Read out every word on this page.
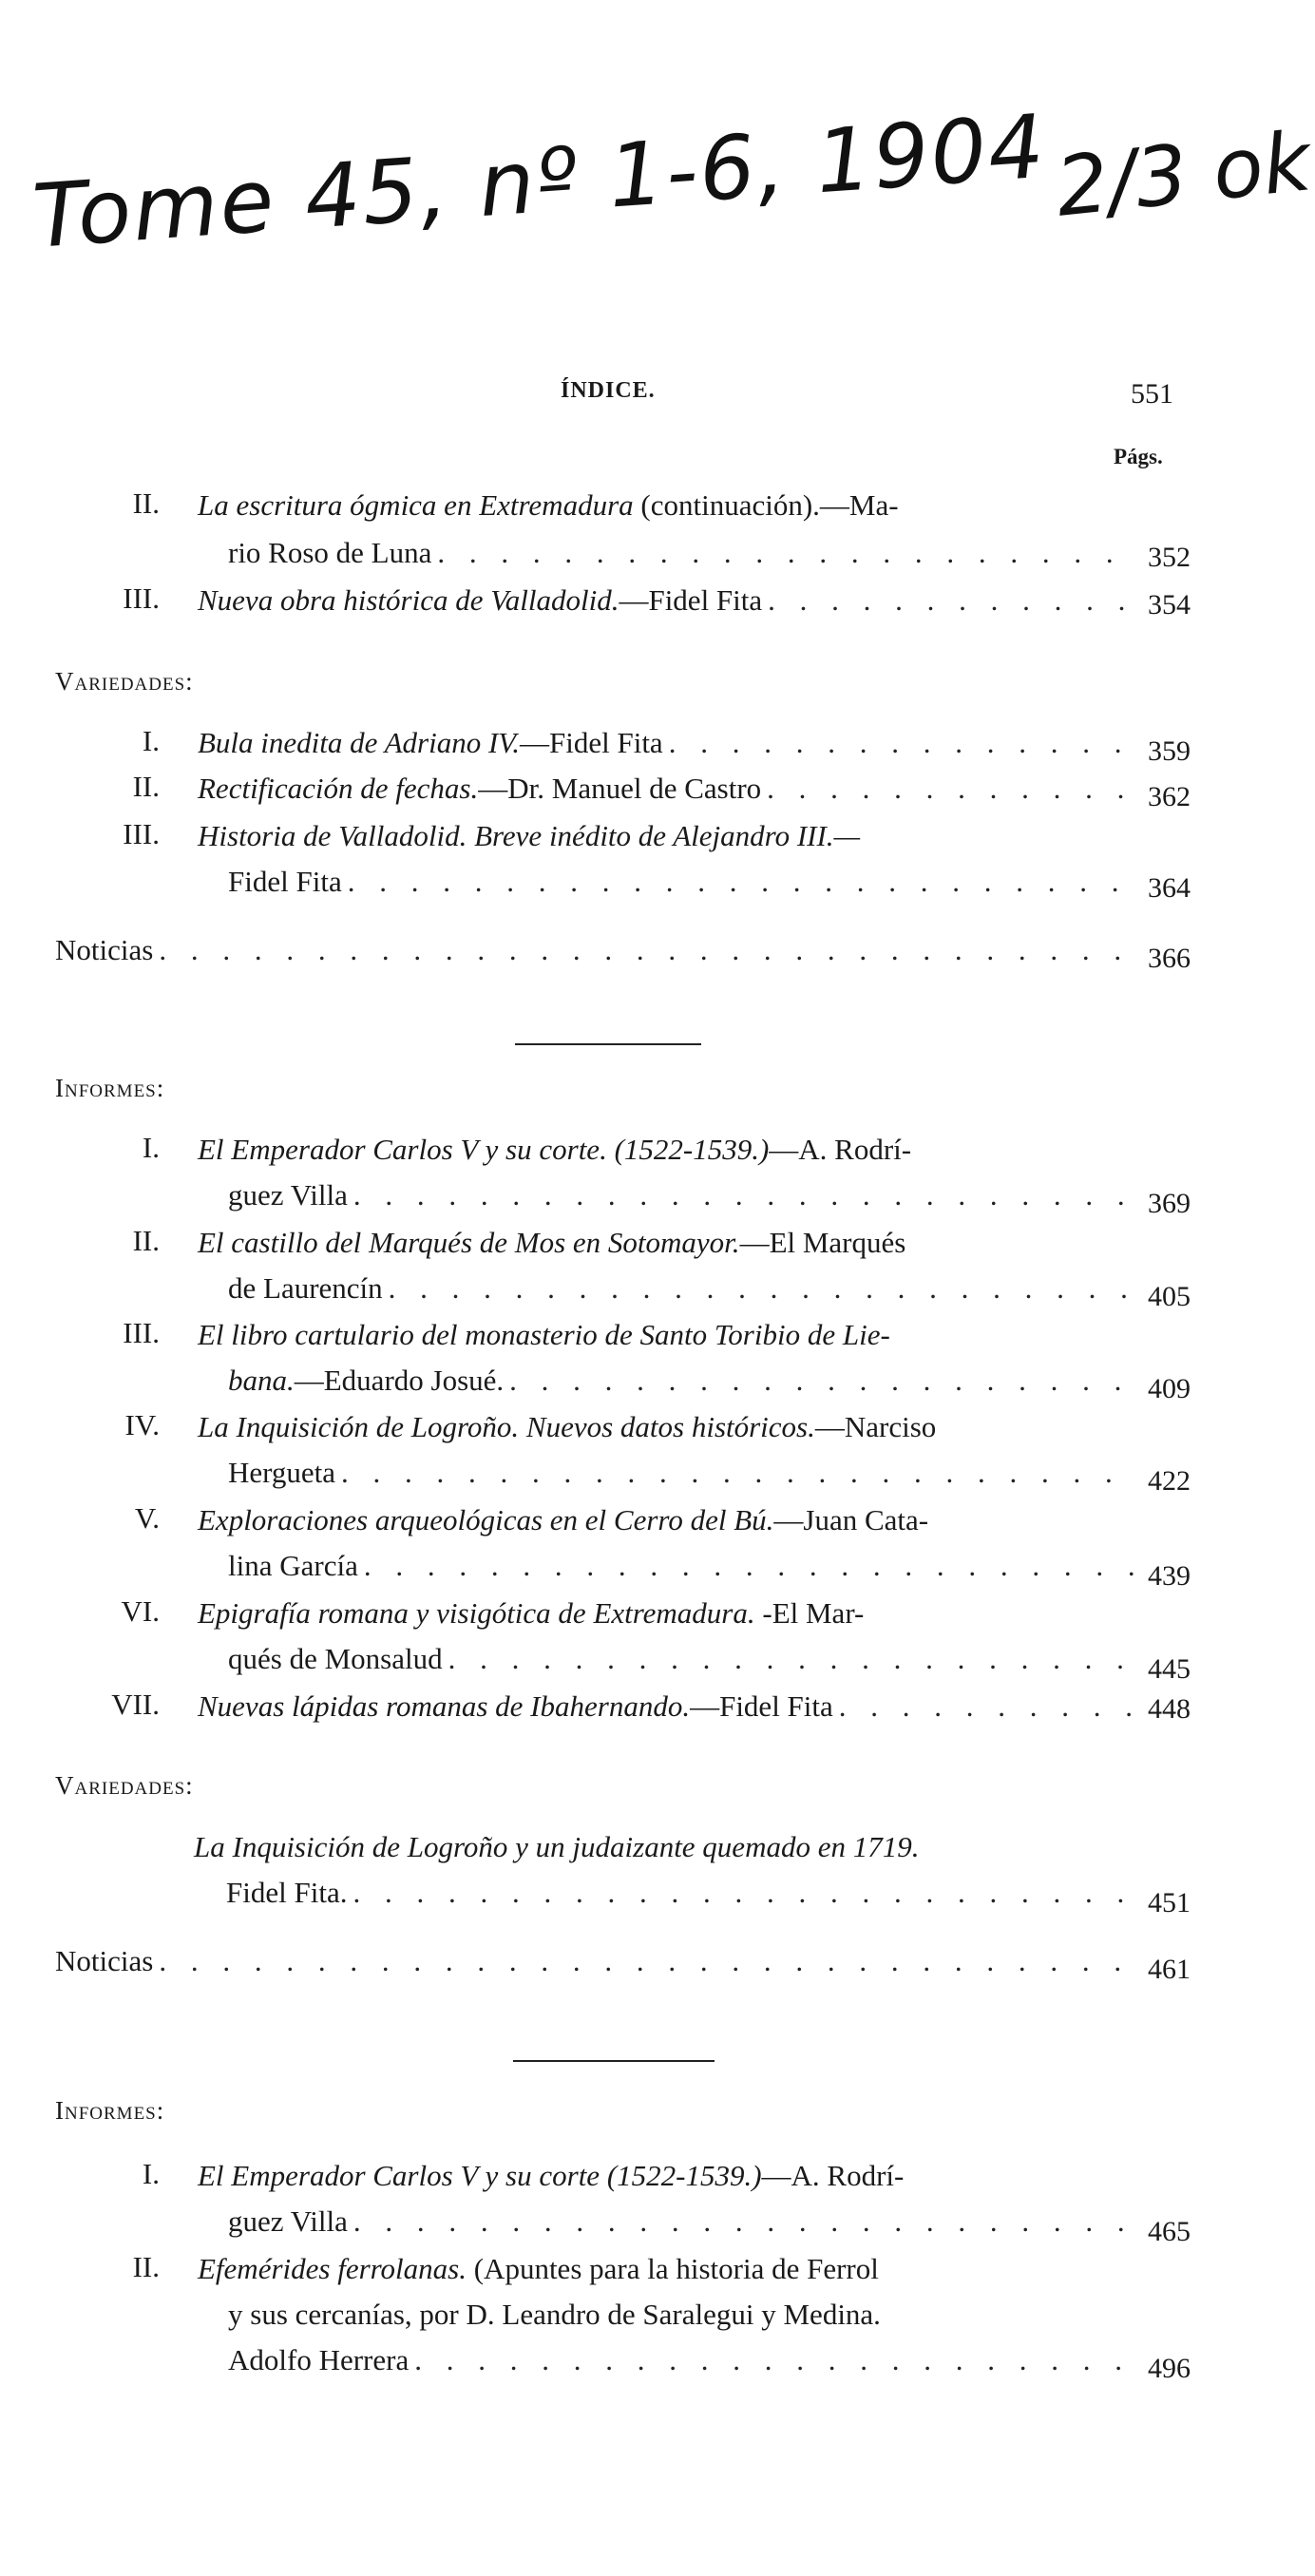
Tome 45, nº 1-6, 1904 2/3 ok
ÍNDICE.	551
Págs.
II. La escritura ógmica en Extremadura (continuación).—Ma-
rio Roso de Luna . . .	352
III. Nueva obra histórica de Valladolid. —Fidel Fita . . .	354
Variedades:
I. Bula inedita de Adriano IV. —Fidel Fita . . .	359
II. Rectificación de fechas. —Dr. Manuel de Castro . . .	362
III. Historia de Valladolid. Breve inédito de Alejandro III.—
Fidel Fita . . .	364
Noticias . . .	366
Informes:
I. El Emperador Carlos V y su corte. (1522-1539.)—A. Rodrí-
guez Villa . . .	369
II. El castillo del Marqués de Mos en Sotomayor.—El Marqués
de Laurencín . . .	405
III. El libro cartulario del monasterio de Santo Toribio de Lie-
bana. —Eduardo Josué. . . .	409
IV. La Inquisición de Logroño. Nuevos datos históricos.—Narciso
Hergueta . . .	422
V. Exploraciones arqueológicas en el Cerro del Bú.—Juan Cata-
lina García . . .	439
VI. Epigrafía romana y visigótica de Extremadura. -El Mar-
qués de Monsalud . . .	445
VII. Nuevas lápidas romanas de Ibahernando. —Fidel Fita . . .	448
Variedades:
La Inquisición de Logroño y un judaizante quemado en 1719.
Fidel Fita. . . .	451
Noticias . . .	461
Informes:
I. El Emperador Carlos V y su corte (1522-1539.)—A. Rodrí-
guez Villa . . .	465
II. Efemérides ferrolanas. (Apuntes para la historia de Ferrol
y sus cercanías, por D. Leandro de Saralegui y Medina.
Adolfo Herrera . . .	496
